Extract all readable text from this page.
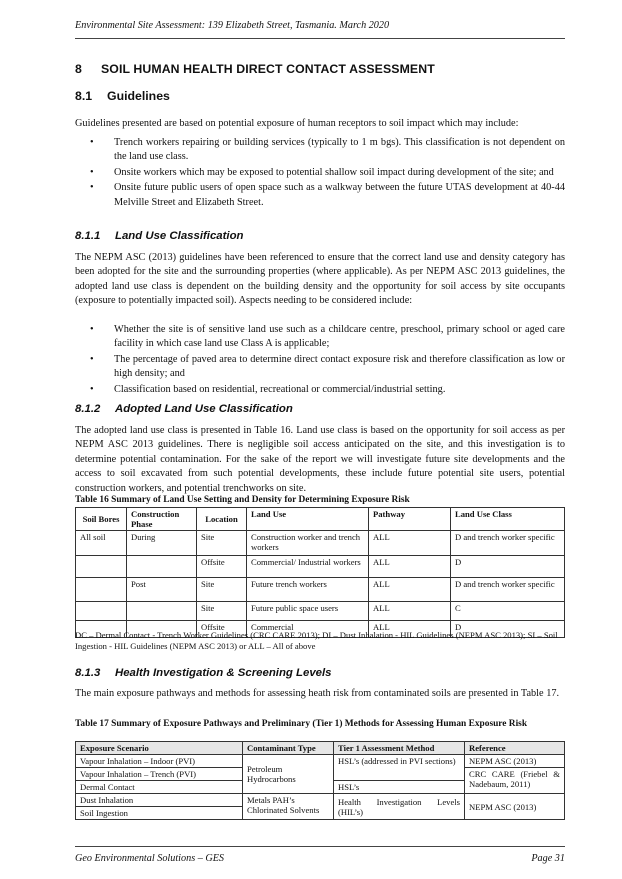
Environmental Site Assessment: 139 Elizabeth Street, Tasmania. March 2020
8 SOIL HUMAN HEALTH DIRECT CONTACT ASSESSMENT
8.1 Guidelines

Guidelines presented are based on potential exposure of human receptors to soil impact which may include:

• Trench workers repairing or building services (typically to 1 m bgs). This classification is not dependent on the land use class.
• Onsite workers which may be exposed to potential shallow soil impact during development of the site; and
• Onsite future public users of open space such as a walkway between the future UTAS development at 40-44 Melville Street and Elizabeth Street.
8.1.1 Land Use Classification

The NEPM ASC (2013) guidelines have been referenced to ensure that the correct land use and density category has been adopted for the site and the surrounding properties (where applicable). As per NEPM ASC 2013 guidelines, the adopted land use class is dependent on the building density and the opportunity for soil access by site occupants (exposure to potentially impacted soil). Aspects needing to be considered include:

• Whether the site is of sensitive land use such as a childcare centre, preschool, primary school or aged care facility in which case land use Class A is applicable;
• The percentage of paved area to determine direct contact exposure risk and therefore classification as low or high density; and
• Classification based on residential, recreational or commercial/industrial setting.
8.1.2 Adopted Land Use Classification

The adopted land use class is presented in Table 16. Land use class is based on the opportunity for soil access as per NEPM ASC 2013 guidelines. There is negligible soil access anticipated on the site, and this investigation is to determine potential contamination. For the sake of the report we will investigate future site developments and the access to soil excavated from such potential developments, these include future potential site users, potential construction workers, and potential trenchworks on site.

Table 16 Summary of Land Use Setting and Density for Determining Exposure Risk
Soil Bores	Construction Phase	Location	Land Use	Pathway	Land Use Class
All soil	During	Site	Construction worker and trench workers	ALL	D and trench worker specific
		Offsite	Commercial/ Industrial workers	ALL	D
	Post	Site	Future trench workers	ALL	D and trench worker specific
		Site	Future public space users	ALL	C
		Offsite	Commercial	ALL	D
DC – Dermal Contact - Trench Worker Guidelines (CRC CARE 2013); DI – Dust Inhalation - HIL Guidelines (NEPM ASC 2013); SI – Soil Ingestion - HIL Guidelines (NEPM ASC 2013) or ALL – All of above
8.1.3 Health Investigation & Screening Levels

The main exposure pathways and methods for assessing heath risk from contaminated soils are presented in Table 17.

Table 17 Summary of Exposure Pathways and Preliminary (Tier 1) Methods for Assessing Human Exposure Risk
Exposure Scenario	Contaminant Type	Tier 1 Assessment Method	Reference
Vapour Inhalation – Indoor (PVI)	Petroleum Hydrocarbons	HSL’s (addressed in PVI sections)	NEPM ASC (2013)
Vapour Inhalation – Trench (PVI)			CRC CARE (Friebel & Nadebaum, 2011)
Dermal Contact		HSL’s	
Dust Inhalation	Metals PAH’s Chlorinated Solvents	Health Investigation Levels (HIL’s)	NEPM ASC (2013)
Soil Ingestion			
Geo Environmental Solutions – GES	Page 31
